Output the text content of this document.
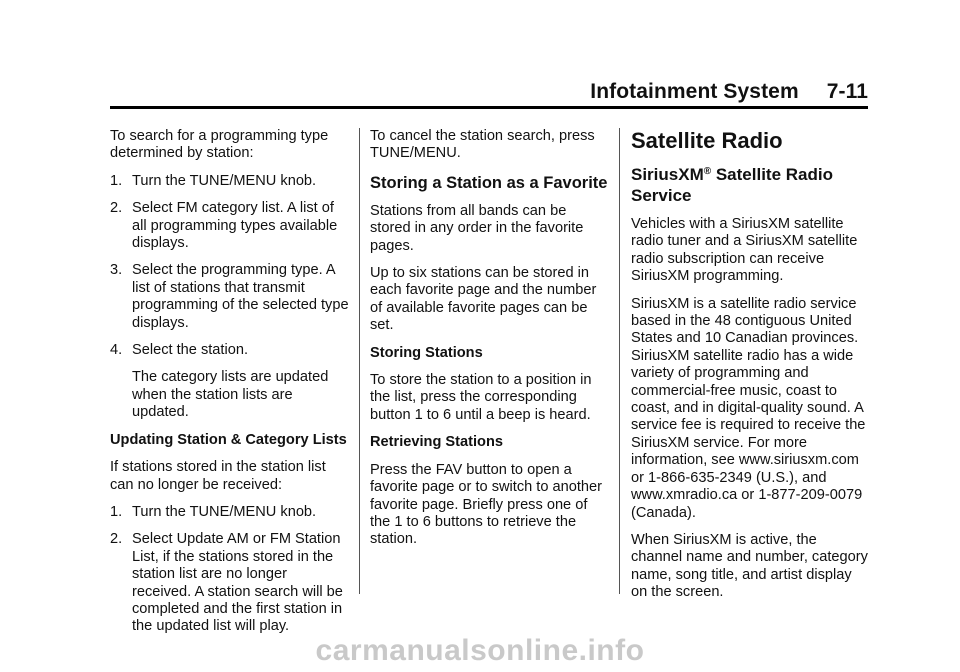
Infotainment System 7-11

To search for a programming type determined by station:

1. Turn the TUNE/MENU knob.
2. Select FM category list. A list of all programming types available displays.
3. Select the programming type. A list of stations that transmit programming of the selected type displays.
4. Select the station.

The category lists are updated when the station lists are updated.

Updating Station & Category Lists

If stations stored in the station list can no longer be received:

1. Turn the TUNE/MENU knob.
2. Select Update AM or FM Station List, if the stations stored in the station list are no longer received. A station search will be completed and the first station in the updated list will play.

To cancel the station search, press TUNE/MENU.

Storing a Station as a Favorite

Stations from all bands can be stored in any order in the favorite pages.

Up to six stations can be stored in each favorite page and the number of available favorite pages can be set.

Storing Stations

To store the station to a position in the list, press the corresponding button 1 to 6 until a beep is heard.

Retrieving Stations

Press the FAV button to open a favorite page or to switch to another favorite page. Briefly press one of the 1 to 6 buttons to retrieve the station.

Satellite Radio
SiriusXM® Satellite Radio Service

Vehicles with a SiriusXM satellite radio tuner and a SiriusXM satellite radio subscription can receive SiriusXM programming.

SiriusXM is a satellite radio service based in the 48 contiguous United States and 10 Canadian provinces. SiriusXM satellite radio has a wide variety of programming and commercial-free music, coast to coast, and in digital-quality sound. A service fee is required to receive the SiriusXM service. For more information, see www.siriusxm.com or 1-866-635-2349 (U.S.), and www.xmradio.ca or 1-877-209-0079 (Canada).

When SiriusXM is active, the channel name and number, category name, song title, and artist display on the screen.

carmanualsonline.info
